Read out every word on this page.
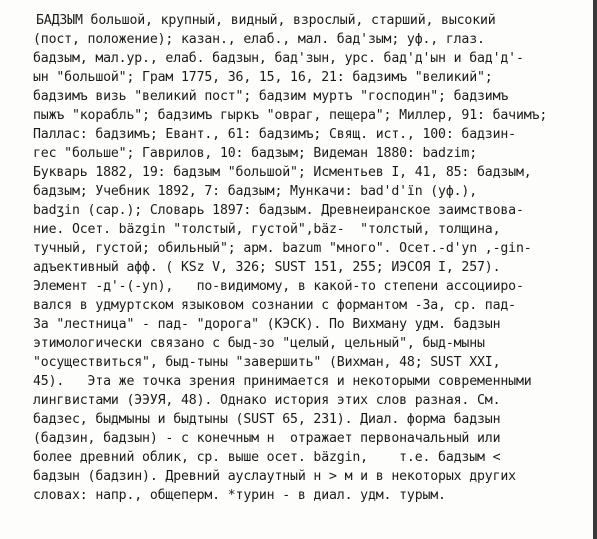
БАДЗЫМ большой, крупный, видный, взрослый, старший, высокий
(пост, положение); казан., елаб., мал. бад'зым; уф., глаз.
бадзым, мал.ур., елаб. бадзын, бад'зын, урс. бад'д'ын и бад'д'-
ын "большой"; Грам 1775, 36, 15, 16, 21: бадзимъ "великий";
бадзимъ визь "великий пост"; бадзим муртъ "господин"; бадзимъ
пыжъ "корабль"; бадзимъ гыркъ "овраг, пещера"; Миллер, 91: бачимъ;
Паллас: бадзимъ; Евант., 61: бадзимъ; Свящ. ист., 100: бадзин-
гес "больше"; Гаврилов, 10: бадзым; Видеман 1880: badzim;
Букварь 1882, 19: бадзым "большой"; Исментьев I, 41, 85: бадзым,
бадзым; Учебник 1892, 7: бадзым; Мункачи: bad'd'ïn (уф.),
badʒin (сар.); Словарь 1897: бадзым. Древнеиранское заимствова-
ние. Осет. bäzgin "толстый, густой",bäz-  "толстый, толщина,
тучный, густой; обильный"; арм. bazum "много". Осет.-d'yn ,-gin-
адъективный афф. ( KSz V, 326; SUST 151, 255; ИЭСОЯ I, 257).
Элемент -д'-(-yn),   по-видимому, в какой-то степени ассоцииро-
вался в удмуртском языковом сознании с формантом -3а, ср. пад-
3а "лестница" - пад- "дорога" (КЭСК). По Вихману удм. бадзын
этимологически связано с быд-зо "целый, цельный", быд-мыны
"осуществиться", быд-тыны "завершить" (Вихман, 48; SUST XXI,
45).   Эта же точка зрения принимается и некоторыми современными
лингвистами (ЭЭУЯ, 48). Однако история этих слов разная. См.
бадзес, быдмыны и быдтыны (SUST 65, 231). Диал. форма бадзын
(бадзин, бадзын) - с конечным н  отражает первоначальный или
более древний облик, ср. выше осет. bäzgin,    т.е. бадзым <
бадзын (бадзин). Древний ауслаутный н > м и в некоторых других
словах: напр., общеперм. *турин - в диал. удм. турым.
